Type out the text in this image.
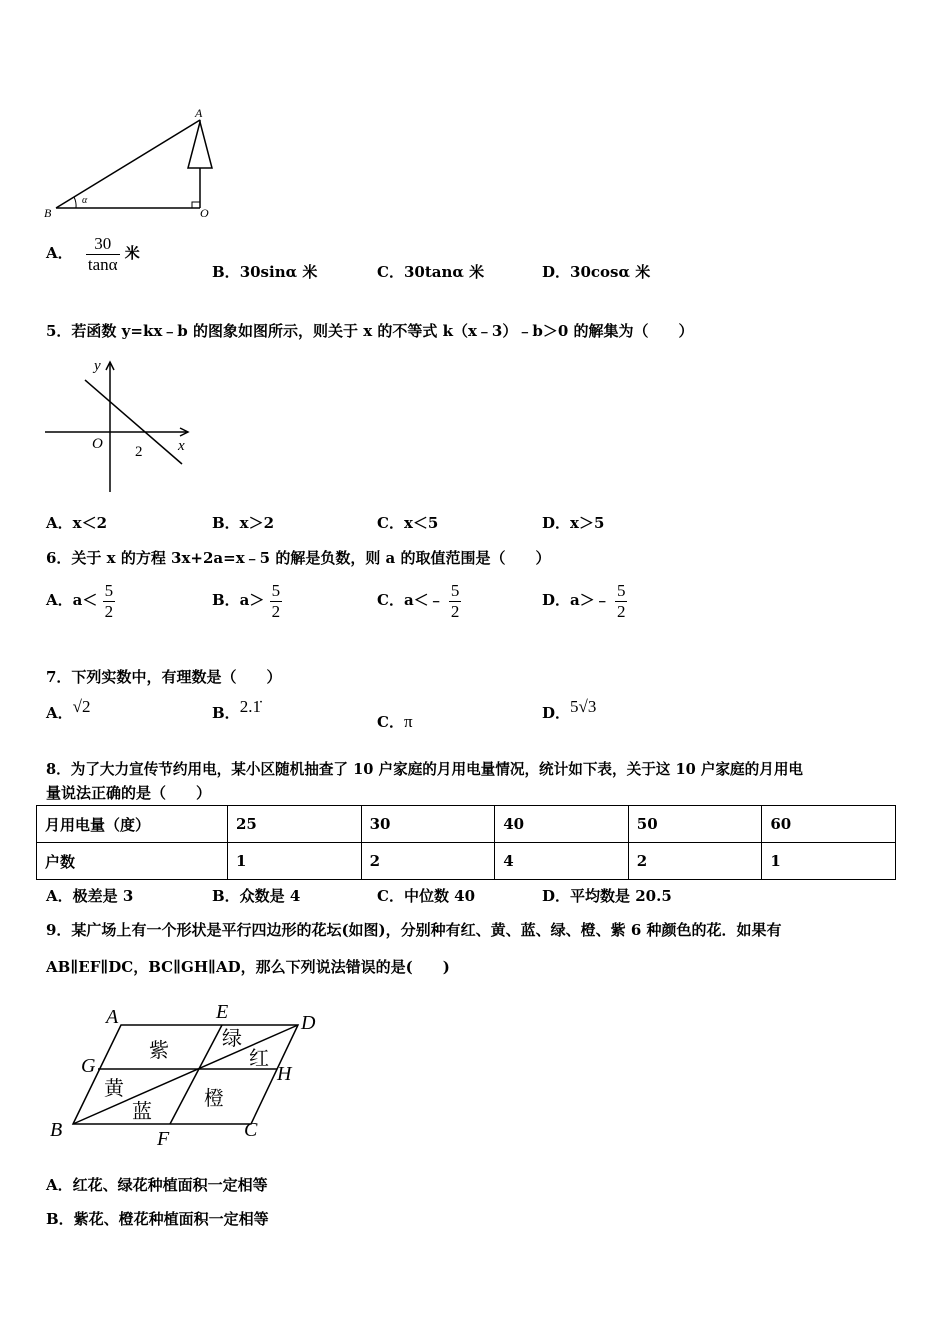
A
B	O
α
A． $\frac{30}{\tan\alpha}$ 米
B．30sinα 米	C．30tanα 米	D．30cosα 米
5．若函数 y=kx﹣b 的图象如图所示，则关于 x 的不等式 k（x﹣3）﹣b＞0 的解集为（　　）
y
x
O 2
A．x＜2	B．x＞2	C．x＜5	D．x＞5
6．关于 x 的方程 3x+2a=x﹣5 的解是负数，则 a 的取值范围是（　　）
A．$a< \frac{5}{2}$	B．$a> \frac{5}{2}$	C．a＜﹣ $\frac{5}{2}$	D．a＞﹣ $\frac{5}{2}$
7．下列实数中，有理数是（　　）
A．√2	B．2.1̇
C．π	D．5√3
8．为了大力宣传节约用电，某小区随机抽查了 10 户家庭的月用电量情况，统计如下表，关于这 10 户家庭的月用电
量说法正确的是（　　）
月用电量（度）	25	30	40	50	60
户数	1	2	4	2	1
A．极差是 3	B．众数是 4	C．中位数 40	D．平均数是 20.5
9．某广场上有一个形状是平行四边形的花坛(如图)，分别种有红、黄、蓝、绿、橙、紫 6 种颜色的花．如果有
AB∥EF∥DC，BC∥GH∥AD，那么下列说法错误的是(　　)
A	E	D
G	H
B	F	C
紫
绿
红
黄	橙
蓝
A．红花、绿花种植面积一定相等
B．紫花、橙花种植面积一定相等
